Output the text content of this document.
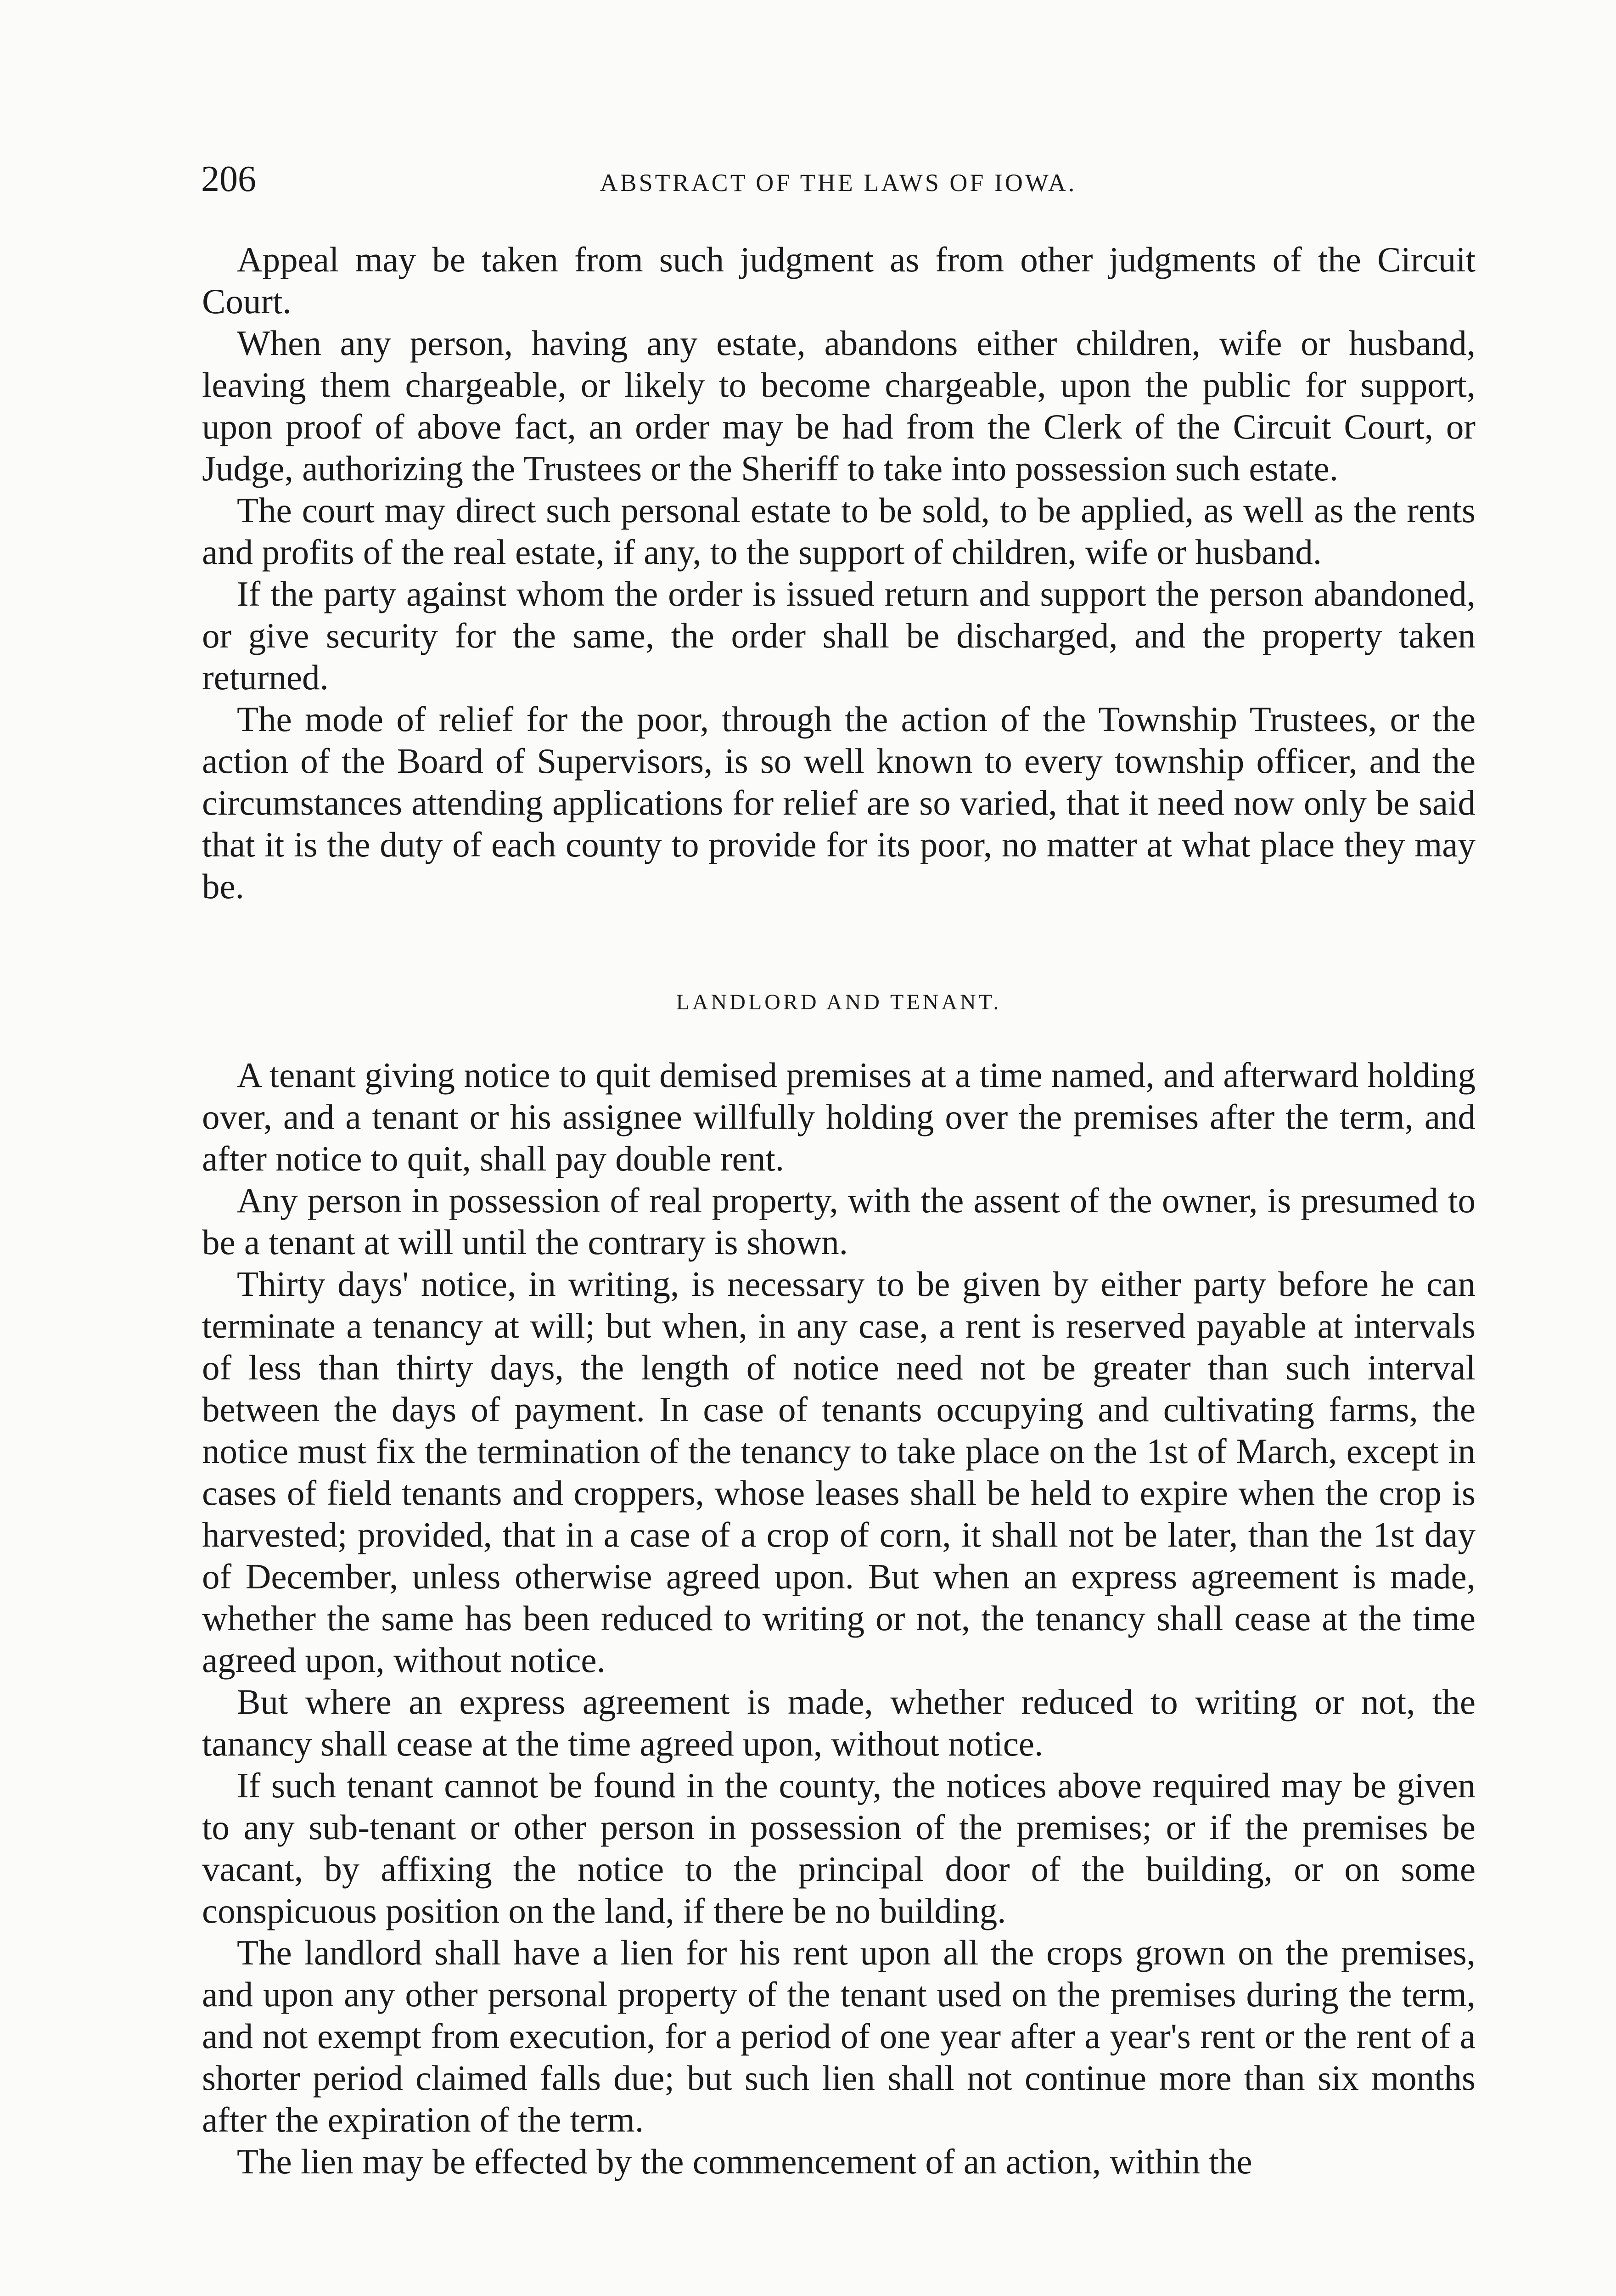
206	ABSTRACT OF THE LAWS OF IOWA.

Appeal may be taken from such judgment as from other judgments of the Circuit Court.

When any person, having any estate, abandons either children, wife or husband, leaving them chargeable, or likely to become chargeable, upon the public for support, upon proof of above fact, an order may be had from the Clerk of the Circuit Court, or Judge, authorizing the Trustees or the Sheriff to take into possession such estate.

The court may direct such personal estate to be sold, to be applied, as well as the rents and profits of the real estate, if any, to the support of children, wife or husband.

If the party against whom the order is issued return and support the person abandoned, or give security for the same, the order shall be discharged, and the property taken returned.

The mode of relief for the poor, through the action of the Township Trustees, or the action of the Board of Supervisors, is so well known to every township officer, and the circumstances attending applications for relief are so varied, that it need now only be said that it is the duty of each county to provide for its poor, no matter at what place they may be.

LANDLORD AND TENANT.

A tenant giving notice to quit demised premises at a time named, and afterward holding over, and a tenant or his assignee willfully holding over the premises after the term, and after notice to quit, shall pay double rent.

Any person in possession of real property, with the assent of the owner, is presumed to be a tenant at will until the contrary is shown.

Thirty days' notice, in writing, is necessary to be given by either party before he can terminate a tenancy at will; but when, in any case, a rent is reserved payable at intervals of less than thirty days, the length of notice need not be greater than such interval between the days of payment. In case of tenants occupying and cultivating farms, the notice must fix the termination of the tenancy to take place on the 1st of March, except in cases of field tenants and croppers, whose leases shall be held to expire when the crop is harvested; provided, that in a case of a crop of corn, it shall not be later, than the 1st day of December, unless otherwise agreed upon. But when an express agreement is made, whether the same has been reduced to writing or not, the tenancy shall cease at the time agreed upon, without notice.

But where an express agreement is made, whether reduced to writing or not, the tanancy shall cease at the time agreed upon, without notice.

If such tenant cannot be found in the county, the notices above required may be given to any sub-tenant or other person in possession of the premises; or if the premises be vacant, by affixing the notice to the principal door of the building, or on some conspicuous position on the land, if there be no building.

The landlord shall have a lien for his rent upon all the crops grown on the premises, and upon any other personal property of the tenant used on the premises during the term, and not exempt from execution, for a period of one year after a year's rent or the rent of a shorter period claimed falls due; but such lien shall not continue more than six months after the expiration of the term.

The lien may be effected by the commencement of an action, within the
